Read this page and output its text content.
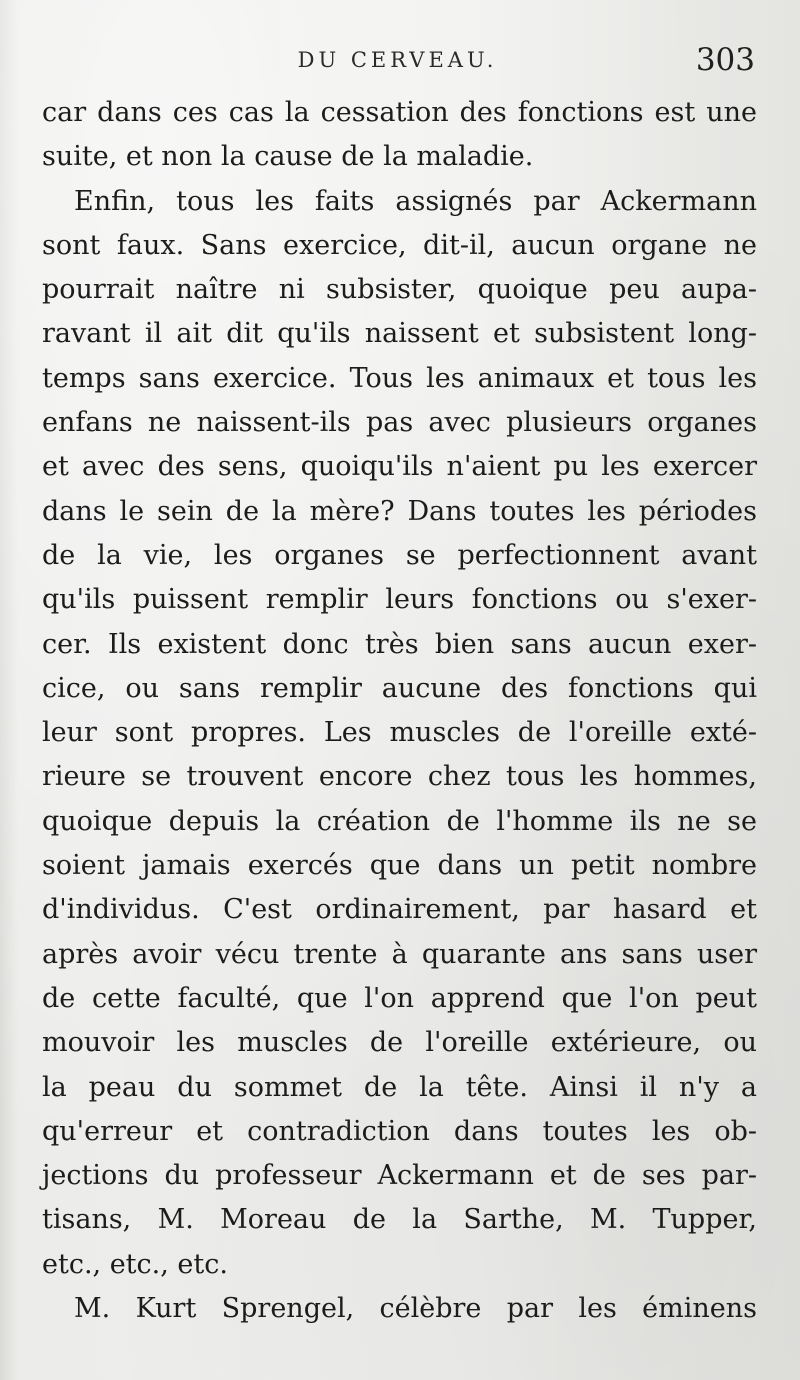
DU CERVEAU.	303
car dans ces cas la cessation des fonctions est une
suite, et non la cause de la maladie.
Enfin, tous les faits assignés par Ackermann
sont faux. Sans exercice, dit-il, aucun organe ne
pourrait naître ni subsister, quoique peu aupa-
ravant il ait dit qu'ils naissent et subsistent long-
temps sans exercice. Tous les animaux et tous les
enfans ne naissent-ils pas avec plusieurs organes
et avec des sens, quoiqu'ils n'aient pu les exercer
dans le sein de la mère? Dans toutes les périodes
de la vie, les organes se perfectionnent avant
qu'ils puissent remplir leurs fonctions ou s'exer-
cer. Ils existent donc très bien sans aucun exer-
cice, ou sans remplir aucune des fonctions qui
leur sont propres. Les muscles de l'oreille exté-
rieure se trouvent encore chez tous les hommes,
quoique depuis la création de l'homme ils ne se
soient jamais exercés que dans un petit nombre
d'individus. C'est ordinairement, par hasard et
après avoir vécu trente à quarante ans sans user
de cette faculté, que l'on apprend que l'on peut
mouvoir les muscles de l'oreille extérieure, ou
la peau du sommet de la tête. Ainsi il n'y a
qu'erreur et contradiction dans toutes les ob-
jections du professeur Ackermann et de ses par-
tisans, M. Moreau de la Sarthe, M. Tupper,
etc., etc., etc.
M. Kurt Sprengel, célèbre par les éminens
